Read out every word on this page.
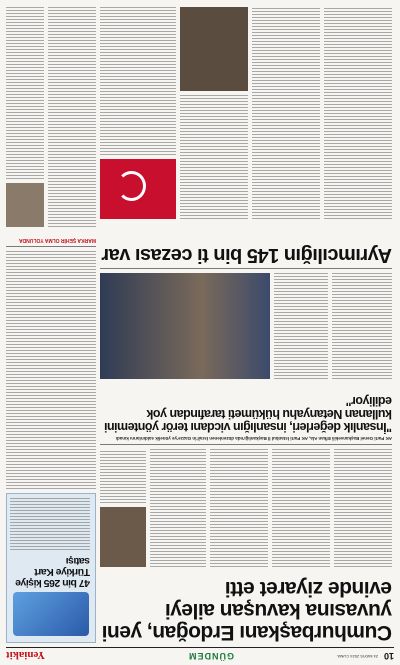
10
24 MAYIS 2024 CUMA
GÜNDEM
Yeniakit
Cumhurbaşkanı Erdoğan, yeni yuvasına kavuşan aileyi evinde ziyaret etti
AK Parti Genel Başkanvekili Efkan Ala, AK Parti İstanbul İl Başkanlığı'nda düzenlenen İsrail'in Gazze'ye yönelik saldırılarını kınadı
"İnsanlık değerleri, insanlığın vicdanı terör yöntemini kullanan Netanyahu hükümeti tarafından yok ediliyor"
Ayrımcılığın 145 bin ti cezası var
47 bin 265 kişiye Türkiye Kart satışı
MARKA ŞEHİR OLMA YOLUNDA
